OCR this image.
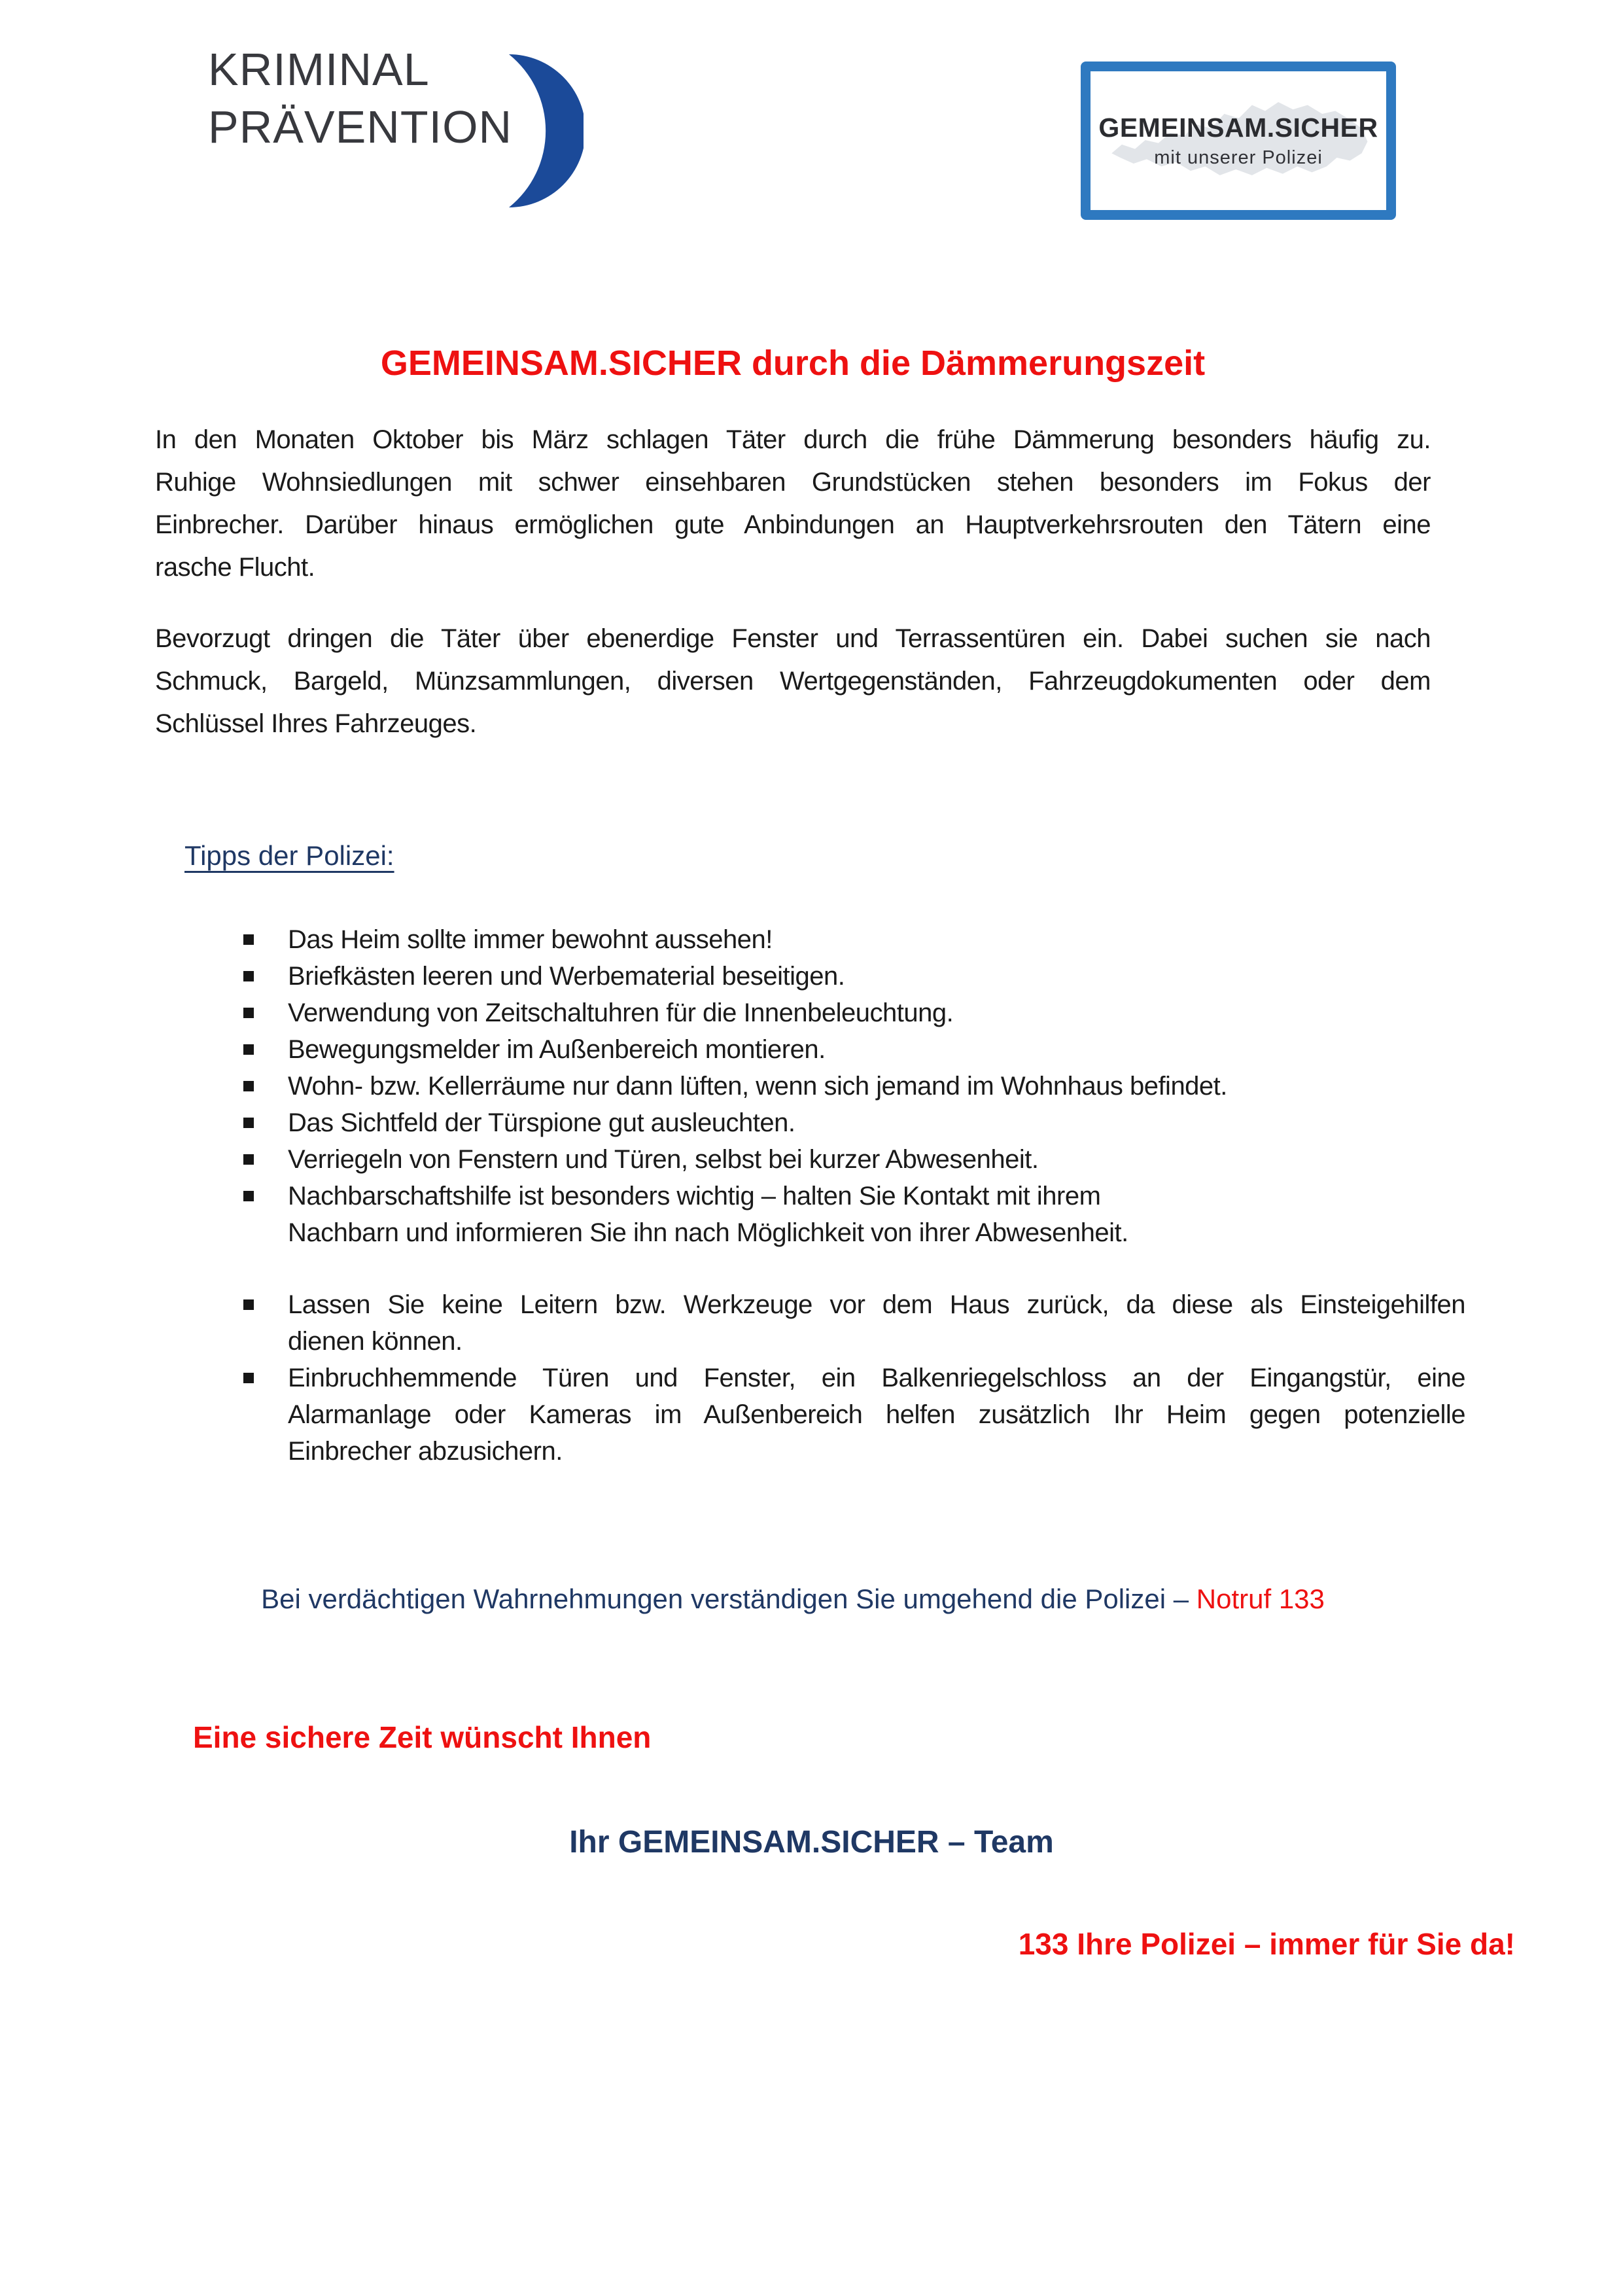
KRIMINAL
PRÄVENTION	GEMEINSAM.SICHER
mit unserer Polizei
GEMEINSAM.SICHER durch die Dämmerungszeit
In den Monaten Oktober bis März schlagen Täter durch die frühe Dämmerung besonders häufig zu.
Ruhige Wohnsiedlungen mit schwer einsehbaren Grundstücken stehen besonders im Fokus der
Einbrecher. Darüber hinaus ermöglichen gute Anbindungen an Hauptverkehrsrouten den Tätern eine
rasche Flucht.
Bevorzugt dringen die Täter über ebenerdige Fenster und Terrassentüren ein. Dabei suchen sie nach
Schmuck, Bargeld, Münzsammlungen, diversen Wertgegenständen, Fahrzeugdokumenten oder dem
Schlüssel Ihres Fahrzeuges.
Tipps der Polizei:
Das Heim sollte immer bewohnt aussehen!
Briefkästen leeren und Werbematerial beseitigen.
Verwendung von Zeitschaltuhren für die Innenbeleuchtung.
Bewegungsmelder im Außenbereich montieren.
Wohn- bzw. Kellerräume nur dann lüften, wenn sich jemand im Wohnhaus befindet.
Das Sichtfeld der Türspione gut ausleuchten.
Verriegeln von Fenstern und Türen, selbst bei kurzer Abwesenheit.
Nachbarschaftshilfe ist besonders wichtig – halten Sie Kontakt mit ihrem
Nachbarn und informieren Sie ihn nach Möglichkeit von ihrer Abwesenheit.
Lassen Sie keine Leitern bzw. Werkzeuge vor dem Haus zurück, da diese als Einsteigehilfen
dienen können.
Einbruchhemmende Türen und Fenster, ein Balkenriegelschloss an der Eingangstür, eine
Alarmanlage oder Kameras im Außenbereich helfen zusätzlich Ihr Heim gegen potenzielle
Einbrecher abzusichern.
Bei verdächtigen Wahrnehmungen verständigen Sie umgehend die Polizei – Notruf 133
Eine sichere Zeit wünscht Ihnen
Ihr GEMEINSAM.SICHER – Team
133 Ihre Polizei – immer für Sie da!
